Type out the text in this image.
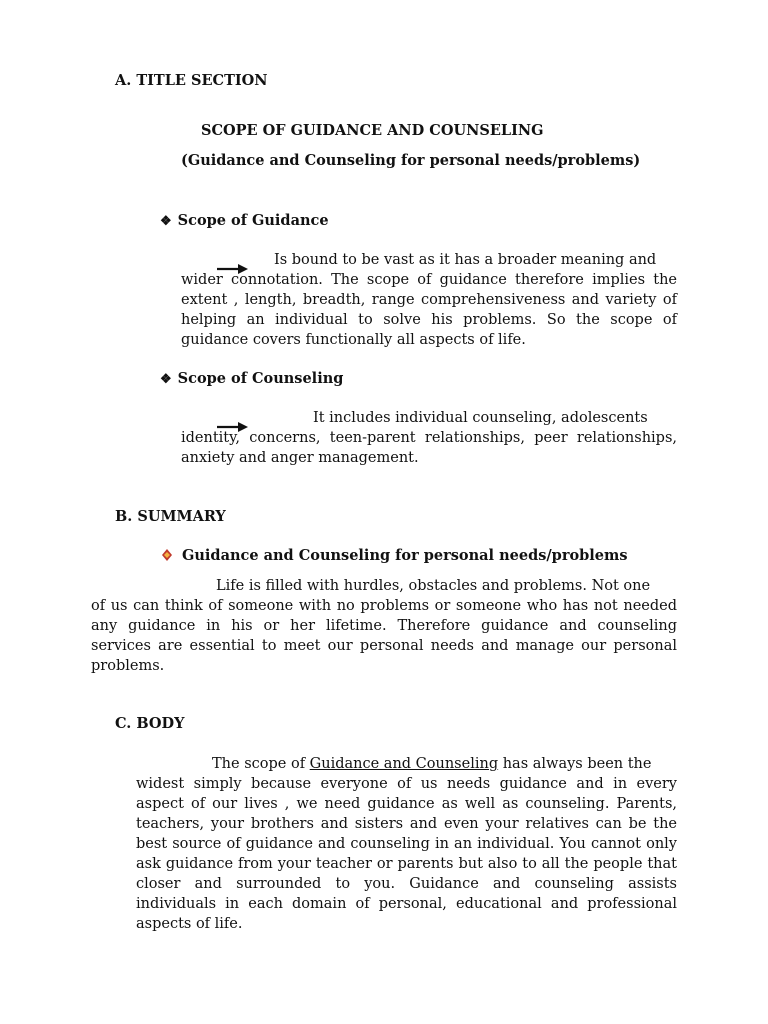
A. TITLE SECTION
SCOPE OF GUIDANCE AND COUNSELING
(Guidance and Counseling for personal needs/problems)
❖ Scope of Guidance
Is bound to be vast as it has a broader meaning and
wider connotation. The scope of guidance therefore implies the extent , length, breadth, range comprehensiveness and variety of helping an individual to solve his problems. So the scope of guidance covers functionally all aspects of life.
❖ Scope of Counseling
It includes individual counseling, adolescents
identity, concerns, teen-parent relationships, peer relationships, anxiety and anger management.
B. SUMMARY
Guidance and Counseling for personal needs/problems
Life is filled with hurdles, obstacles and problems. Not one
of us can think of someone with no problems or someone who has not needed any guidance in his or her lifetime. Therefore guidance and counseling services are essential to meet our personal needs and manage our personal problems.
C. BODY
The scope of Guidance and Counseling has always been the
widest simply because everyone of us needs guidance and in every aspect of our lives , we need guidance as well as counseling. Parents, teachers, your brothers and sisters and even your relatives can be the best source of guidance and counseling in an individual. You cannot only ask guidance from your teacher or parents but also to all the people that closer and surrounded to you. Guidance and counseling assists individuals in each domain of personal, educational and professional aspects of life.
